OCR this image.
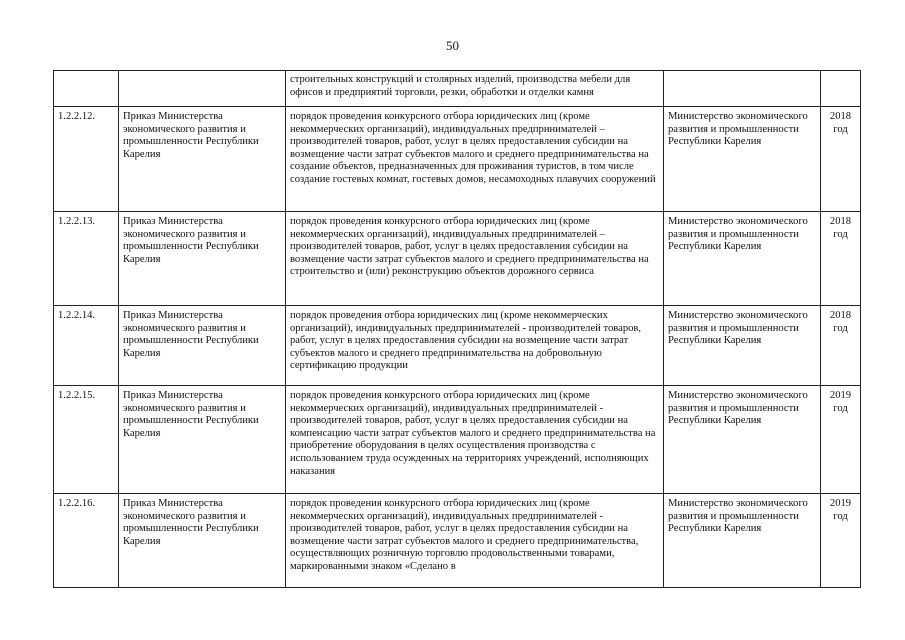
50
		строительных конструкций и столярных изделий, производства мебели для офисов и предприятий торговли, резки, обработки и отделки камня		
1.2.2.12.	Приказ Министерства экономического развития и промышленности Республики Карелия	порядок проведения конкурсного отбора юридических лиц (кроме некоммерческих организаций), индивидуальных предпринимателей – производителей товаров, работ, услуг в целях предоставления субсидии на возмещение части затрат субъектов малого и среднего предпринимательства на создание объектов, предназначенных для проживания туристов, в том числе создание гостевых комнат, гостевых домов, несамоходных плавучих сооружений	Министерство экономического развития и промышленности Республики Карелия	2018 год
1.2.2.13.	Приказ Министерства экономического развития и промышленности Республики Карелия	порядок проведения конкурсного отбора юридических лиц (кроме некоммерческих организаций), индивидуальных предпринимателей – производителей товаров, работ, услуг в целях предоставления субсидии на возмещение части затрат субъектов малого и среднего предпринимательства на строительство и (или) реконструкцию объектов дорожного сервиса	Министерство экономического развития и промышленности Республики Карелия	2018 год
1.2.2.14.	Приказ Министерства экономического развития и промышленности Республики Карелия	порядок проведения отбора юридических лиц (кроме некоммерческих организаций), индивидуальных предпринимателей - производителей товаров, работ, услуг в целях предоставления субсидии на возмещение части затрат субъектов малого и среднего предпринимательства на добровольную сертификацию продукции	Министерство экономического развития и промышленности Республики Карелия	2018 год
1.2.2.15.	Приказ Министерства экономического развития и промышленности Республики Карелия	порядок проведения конкурсного отбора юридических лиц (кроме некоммерческих организаций), индивидуальных предпринимателей - производителей товаров, работ, услуг в целях предоставления субсидии на компенсацию части затрат субъектов малого и среднего предпринимательства на приобретение оборудования в целях осуществления производства с использованием труда осужденных на территориях учреждений, исполняющих наказания	Министерство экономического развития и промышленности Республики Карелия	2019 год
1.2.2.16.	Приказ Министерства экономического развития и промышленности Республики Карелия	порядок проведения конкурсного отбора юридических лиц (кроме некоммерческих организаций), индивидуальных предпринимателей - производителей товаров, работ, услуг в целях предоставления субсидии на возмещение части затрат субъектов малого и среднего предпринимательства, осуществляющих розничную торговлю продовольственными товарами, маркированными знаком «Сделано в	Министерство экономического развития и промышленности Республики Карелия	2019 год
